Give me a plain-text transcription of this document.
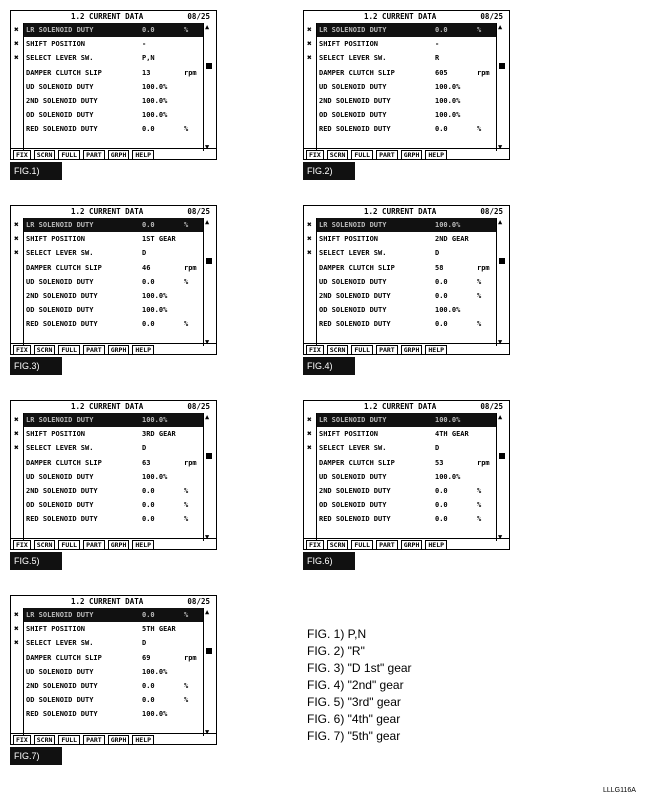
1.2 CURRENT DATA	08/25
✖ LR SOLENOID DUTY	0.0	%
✖ SHIFT POSITION	-
✖ SELECT LEVER SW.	P,N
DAMPER CLUTCH SLIP	13	rpm
UD SOLENOID DUTY	100.0%
2ND SOLENOID DUTY	100.0%
OD SOLENOID DUTY	100.0%
RED SOLENOID DUTY	0.0	%
▲
▼
FIX	SCRN	FULL	PART	GRPH	HELP
FIG.1)
1.2 CURRENT DATA	08/25
✖ LR SOLENOID DUTY	0.0	%
✖ SHIFT POSITION	-
✖ SELECT LEVER SW.	R
DAMPER CLUTCH SLIP	605	rpm
UD SOLENOID DUTY	100.0%
2ND SOLENOID DUTY	100.0%
OD SOLENOID DUTY	100.0%
RED SOLENOID DUTY	0.0	%
▲
▼
FIX	SCRN	FULL	PART	GRPH	HELP
FIG.2)
1.2 CURRENT DATA	08/25
✖ LR SOLENOID DUTY	0.0	%
✖ SHIFT POSITION	1ST GEAR
✖ SELECT LEVER SW.	D
DAMPER CLUTCH SLIP	46	rpm
UD SOLENOID DUTY	0.0	%
2ND SOLENOID DUTY	100.0%
OD SOLENOID DUTY	100.0%
RED SOLENOID DUTY	0.0	%
▲
▼
FIX	SCRN	FULL	PART	GRPH	HELP
FIG.3)
1.2 CURRENT DATA	08/25
✖ LR SOLENOID DUTY	100.0%
✖ SHIFT POSITION	2ND GEAR
✖ SELECT LEVER SW.	D
DAMPER CLUTCH SLIP	58	rpm
UD SOLENOID DUTY	0.0	%
2ND SOLENOID DUTY	0.0	%
OD SOLENOID DUTY	100.0%
RED SOLENOID DUTY	0.0	%
▲
▼
FIX	SCRN	FULL	PART	GRPH	HELP
FIG.4)
1.2 CURRENT DATA	08/25
✖ LR SOLENOID DUTY	100.0%
✖ SHIFT POSITION	3RD GEAR
✖ SELECT LEVER SW.	D
DAMPER CLUTCH SLIP	63	rpm
UD SOLENOID DUTY	100.0%
2ND SOLENOID DUTY	0.0	%
OD SOLENOID DUTY	0.0	%
RED SOLENOID DUTY	0.0	%
▲
▼
FIX	SCRN	FULL	PART	GRPH	HELP
FIG.5)
1.2 CURRENT DATA	08/25
✖ LR SOLENOID DUTY	100.0%
✖ SHIFT POSITION	4TH GEAR
✖ SELECT LEVER SW.	D
DAMPER CLUTCH SLIP	53	rpm
UD SOLENOID DUTY	100.0%
2ND SOLENOID DUTY	0.0	%
OD SOLENOID DUTY	0.0	%
RED SOLENOID DUTY	0.0	%
▲
▼
FIX	SCRN	FULL	PART	GRPH	HELP
FIG.6)
1.2 CURRENT DATA	08/25
✖ LR SOLENOID DUTY	0.0	%
✖ SHIFT POSITION	5TH GEAR
✖ SELECT LEVER SW.	D
DAMPER CLUTCH SLIP	69	rpm
UD SOLENOID DUTY	100.0%
2ND SOLENOID DUTY	0.0	%
OD SOLENOID DUTY	0.0	%
RED SOLENOID DUTY	100.0%
▲
▼
FIX	SCRN	FULL	PART	GRPH	HELP
FIG.7)
FIG. 1) P,N
FIG. 2) "R"
FIG. 3) "D 1st" gear
FIG. 4) "2nd" gear
FIG. 5) "3rd" gear
FIG. 6) "4th" gear
FIG. 7) "5th" gear
LLLG116A
